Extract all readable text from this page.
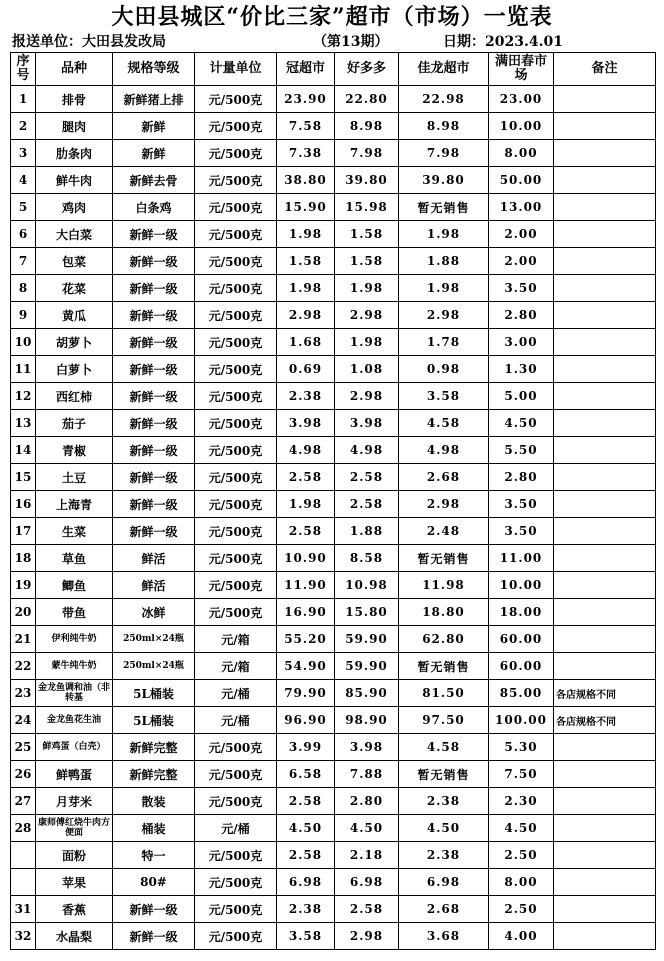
大田县城区“价比三家”超市（市场）一览表
报送单位：大田县发改局	（第13期）	日期：2023.4.01
序号	品种	规格等级	计量单位	冠超市	好多多	佳龙超市	满田春市场	备注
1	排骨	新鲜猪上排	元/500克	23.90	22.80	22.98	23.00	
2	腿肉	新鲜	元/500克	7.58	8.98	8.98	10.00	
3	肋条肉	新鲜	元/500克	7.38	7.98	7.98	8.00	
4	鲜牛肉	新鲜去骨	元/500克	38.80	39.80	39.80	50.00	
5	鸡肉	白条鸡	元/500克	15.90	15.98	暂无销售	13.00	
6	大白菜	新鲜一级	元/500克	1.98	1.58	1.98	2.00	
7	包菜	新鲜一级	元/500克	1.58	1.58	1.88	2.00	
8	花菜	新鲜一级	元/500克	1.98	1.98	1.98	3.50	
9	黄瓜	新鲜一级	元/500克	2.98	2.98	2.98	2.80	
10	胡萝卜	新鲜一级	元/500克	1.68	1.98	1.78	3.00	
11	白萝卜	新鲜一级	元/500克	0.69	1.08	0.98	1.30	
12	西红柿	新鲜一级	元/500克	2.38	2.98	3.58	5.00	
13	茄子	新鲜一级	元/500克	3.98	3.98	4.58	4.50	
14	青椒	新鲜一级	元/500克	4.98	4.98	4.98	5.50	
15	土豆	新鲜一级	元/500克	2.58	2.58	2.68	2.80	
16	上海青	新鲜一级	元/500克	1.98	2.58	2.98	3.50	
17	生菜	新鲜一级	元/500克	2.58	1.88	2.48	3.50	
18	草鱼	鲜活	元/500克	10.90	8.58	暂无销售	11.00	
19	鲫鱼	鲜活	元/500克	11.90	10.98	11.98	10.00	
20	带鱼	冰鲜	元/500克	16.90	15.80	18.80	18.00	
21	伊利纯牛奶	250ml×24瓶	元/箱	55.20	59.90	62.80	60.00	
22	蒙牛纯牛奶	250ml×24瓶	元/箱	54.90	59.90	暂无销售	60.00	
23	金龙鱼调和油（非转基	5L桶装	元/桶	79.90	85.90	81.50	85.00	各店规格不同
24	金龙鱼花生油	5L桶装	元/桶	96.90	98.90	97.50	100.00	各店规格不同
25	鲜鸡蛋（白壳）	新鲜完整	元/500克	3.99	3.98	4.58	5.30	
26	鲜鸭蛋	新鲜完整	元/500克	6.58	7.88	暂无销售	7.50	
27	月芽米	散装	元/500克	2.58	2.80	2.38	2.30	
28	康师傅红烧牛肉方便面	桶装	元/桶	4.50	4.50	4.50	4.50	
	面粉	特一	元/500克	2.58	2.18	2.38	2.50	
	苹果	80#	元/500克	6.98	6.98	6.98	8.00	
31	香蕉	新鲜一级	元/500克	2.38	2.58	2.68	2.50	
32	水晶梨	新鲜一级	元/500克	3.58	2.98	3.68	4.00	
